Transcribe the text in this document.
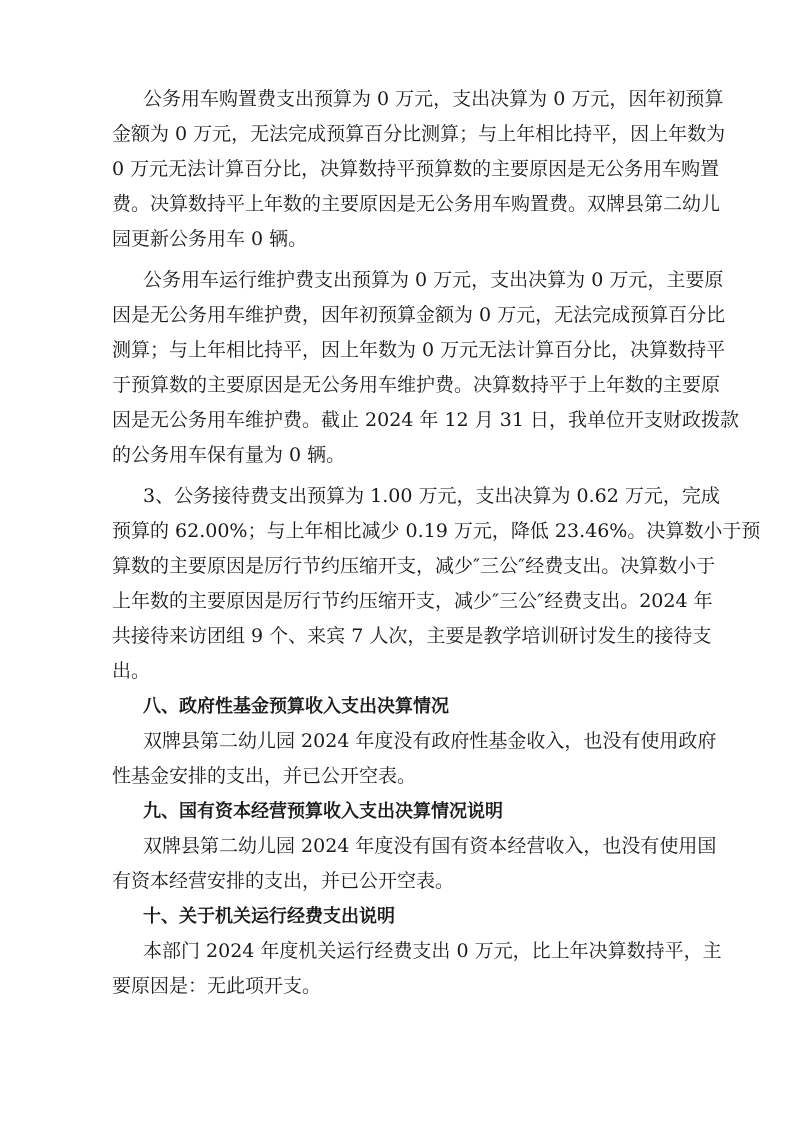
公务用车购置费支出预算为 0 万元，支出决算为 0 万元，因年初预算
金额为 0 万元，无法完成预算百分比测算；与上年相比持平，因上年数为
0 万元无法计算百分比，决算数持平预算数的主要原因是无公务用车购置
费。决算数持平上年数的主要原因是无公务用车购置费。双牌县第二幼儿
园更新公务用车 0 辆。
公务用车运行维护费支出预算为 0 万元，支出决算为 0 万元，主要原
因是无公务用车维护费，因年初预算金额为 0 万元，无法完成预算百分比
测算；与上年相比持平，因上年数为 0 万元无法计算百分比，决算数持平
于预算数的主要原因是无公务用车维护费。决算数持平于上年数的主要原
因是无公务用车维护费。截止 2024 年 12 月 31 日，我单位开支财政拨款
的公务用车保有量为 0 辆。
3、公务接待费支出预算为 1.00 万元，支出决算为 0.62 万元，完成
预算的 62.00%；与上年相比减少 0.19 万元，降低 23.46%。决算数小于预
算数的主要原因是厉行节约压缩开支，减少″三公″经费支出。决算数小于
上年数的主要原因是厉行节约压缩开支，减少″三公″经费支出。2024 年
共接待来访团组 9 个、来宾 7 人次，主要是教学培训研讨发生的接待支
出。
八、政府性基金预算收入支出决算情况
双牌县第二幼儿园 2024 年度没有政府性基金收入，也没有使用政府
性基金安排的支出，并已公开空表。
九、国有资本经营预算收入支出决算情况说明
双牌县第二幼儿园 2024 年度没有国有资本经营收入，也没有使用国
有资本经营安排的支出，并已公开空表。
十、关于机关运行经费支出说明
本部门 2024 年度机关运行经费支出 0 万元，比上年决算数持平，主
要原因是：无此项开支。
